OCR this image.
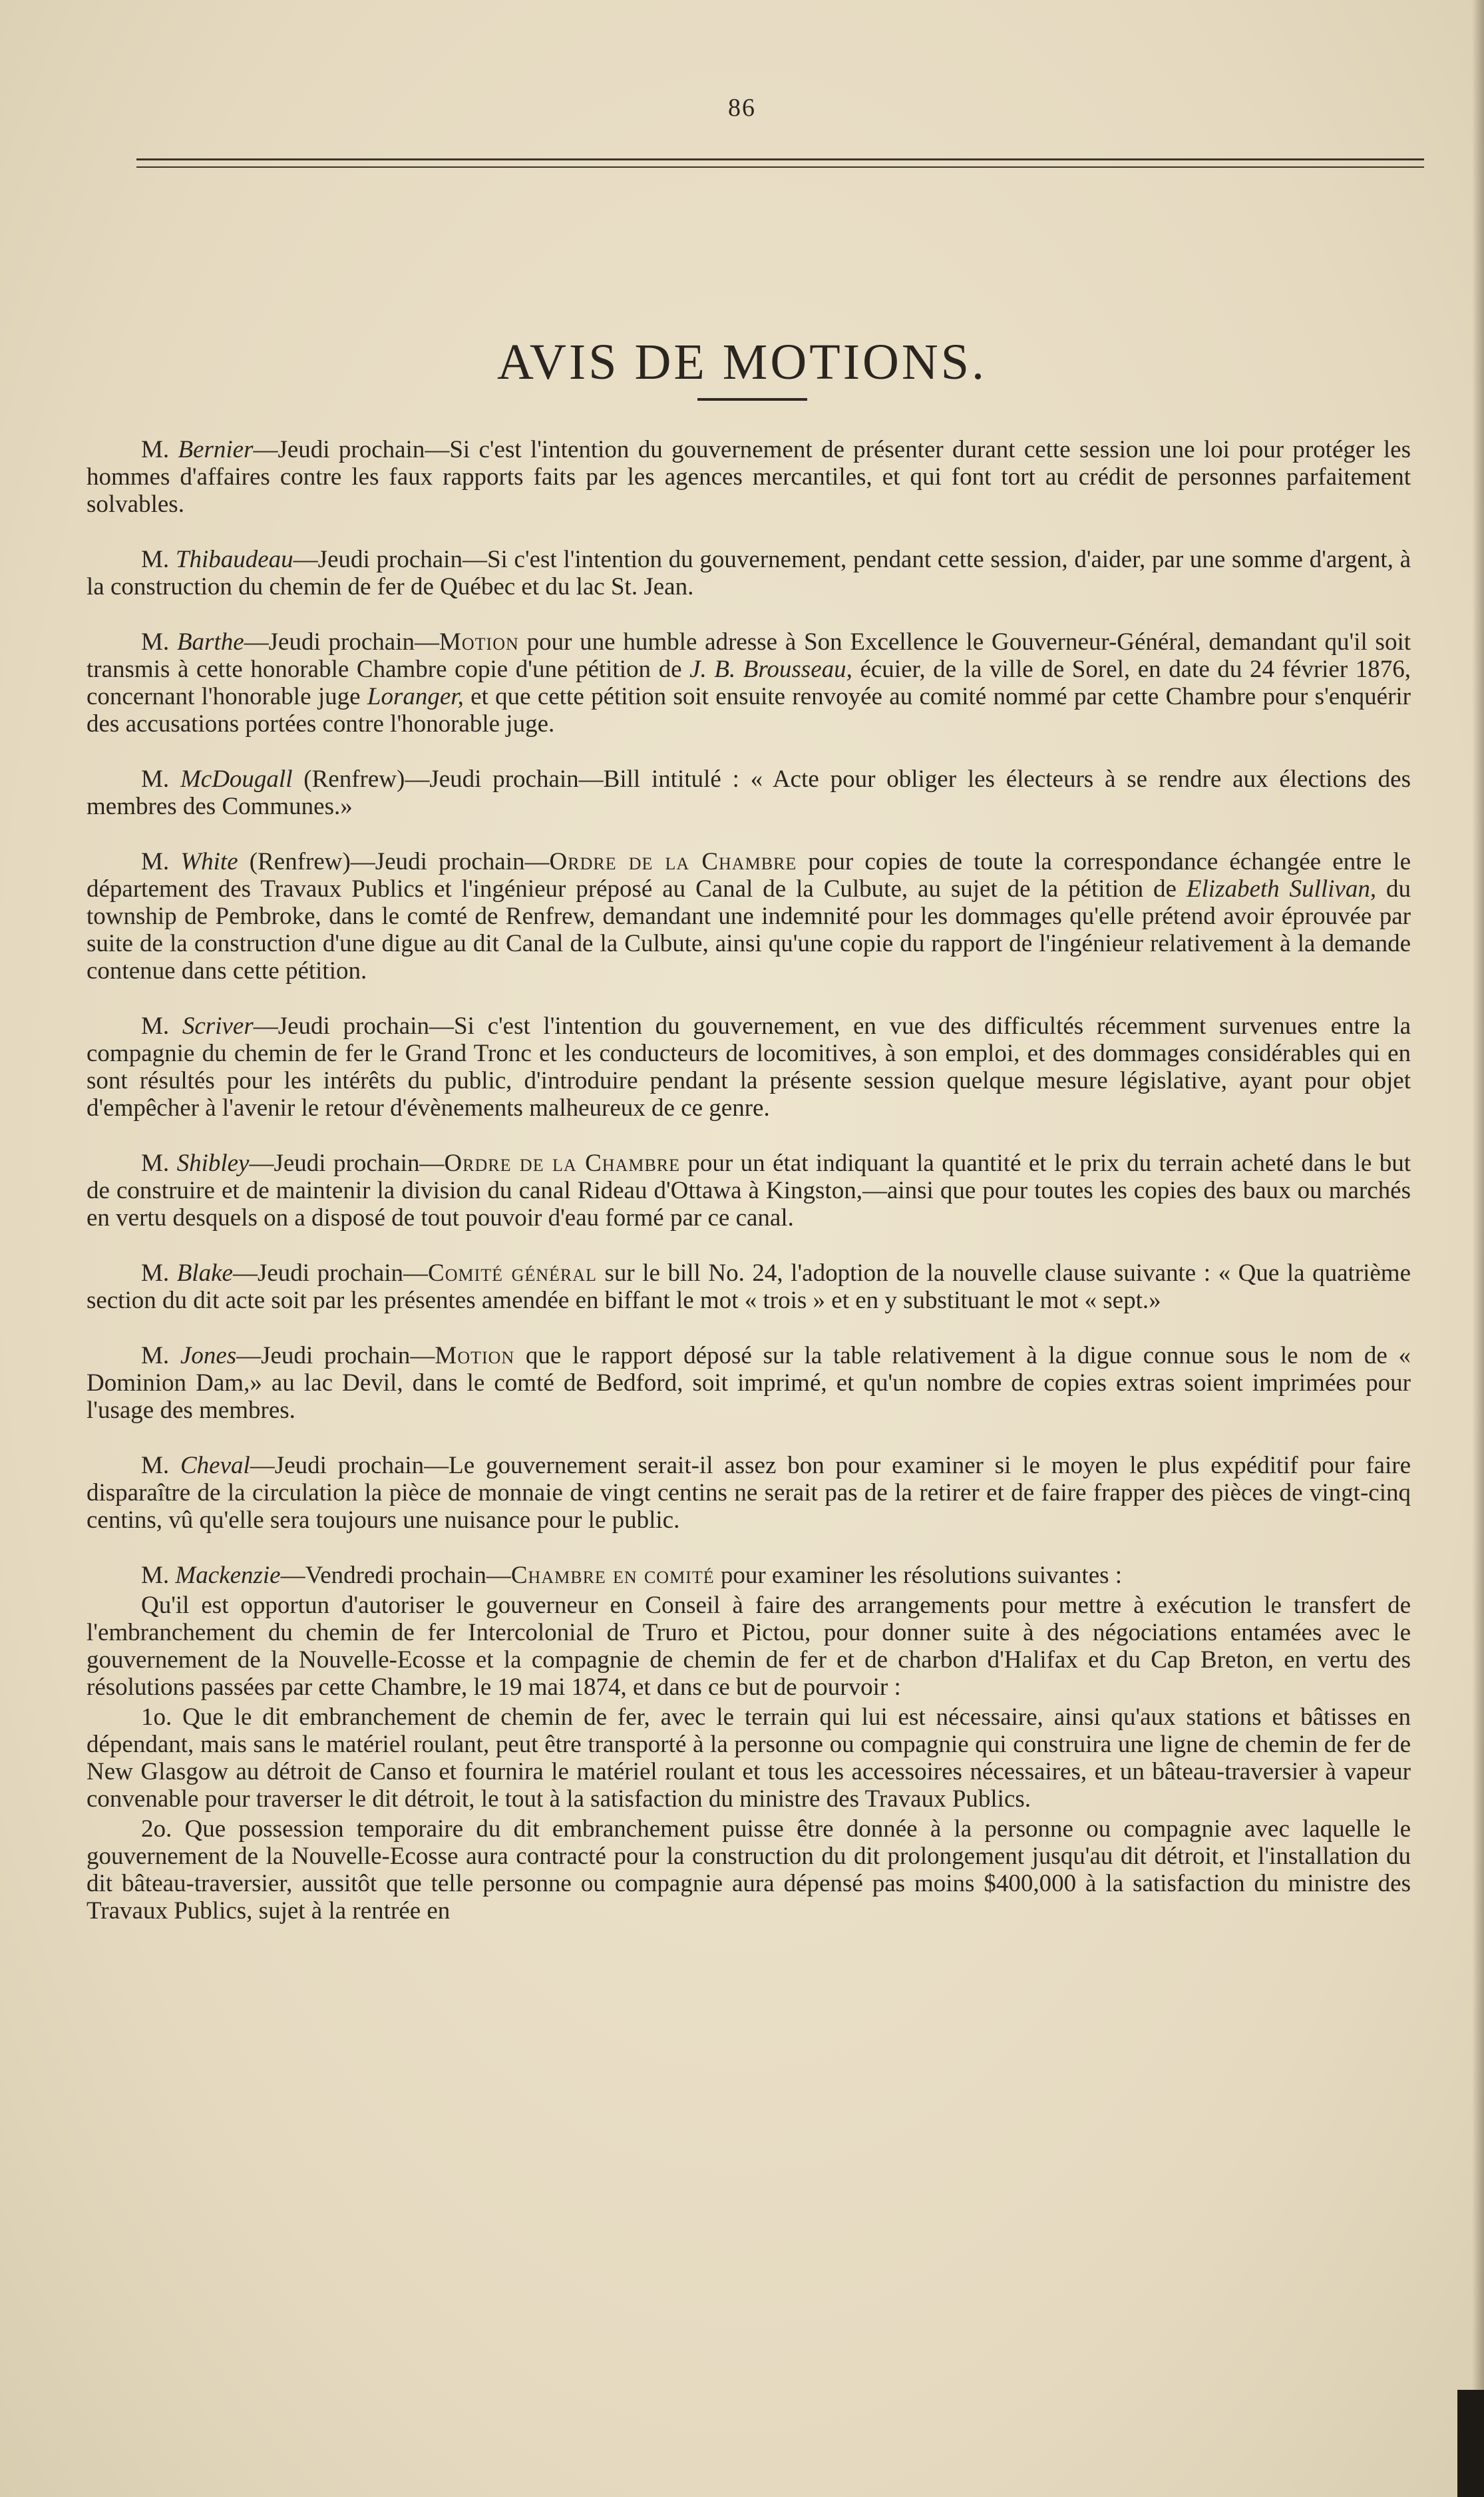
86
AVIS DE MOTIONS.

M. Bernier—Jeudi prochain—Si c'est l'intention du gouvernement de présenter durant cette session une loi pour protéger les hommes d'affaires contre les faux rapports faits par les agences mercantiles, et qui font tort au crédit de personnes parfaitement solvables.

M. Thibaudeau—Jeudi prochain—Si c'est l'intention du gouvernement, pendant cette session, d'aider, par une somme d'argent, à la construction du chemin de fer de Québec et du lac St. Jean.

M. Barthe—Jeudi prochain—Motion pour une humble adresse à Son Excellence le Gouverneur-Général, demandant qu'il soit transmis à cette honorable Chambre copie d'une pétition de J. B. Brousseau, écuier, de la ville de Sorel, en date du 24 février 1876, concernant l'honorable juge Loranger, et que cette pétition soit ensuite renvoyée au comité nommé par cette Chambre pour s'enquérir des accusations portées contre l'honorable juge.

M. McDougall (Renfrew)—Jeudi prochain—Bill intitulé : « Acte pour obliger les électeurs à se rendre aux élections des membres des Communes.»

M. White (Renfrew)—Jeudi prochain—Ordre de la Chambre pour copies de toute la correspondance échangée entre le département des Travaux Publics et l'ingénieur préposé au Canal de la Culbute, au sujet de la pétition de Elizabeth Sullivan, du township de Pembroke, dans le comté de Renfrew, demandant une indemnité pour les dommages qu'elle prétend avoir éprouvée par suite de la construction d'une digue au dit Canal de la Culbute, ainsi qu'une copie du rapport de l'ingénieur relativement à la demande contenue dans cette pétition.

M. Scriver—Jeudi prochain—Si c'est l'intention du gouvernement, en vue des difficultés récemment survenues entre la compagnie du chemin de fer le Grand Tronc et les conducteurs de locomitives, à son emploi, et des dommages considérables qui en sont résultés pour les intérêts du public, d'introduire pendant la présente session quelque mesure législative, ayant pour objet d'empêcher à l'avenir le retour d'évènements malheureux de ce genre.

M. Shibley—Jeudi prochain—Ordre de la Chambre pour un état indiquant la quantité et le prix du terrain acheté dans le but de construire et de maintenir la division du canal Rideau d'Ottawa à Kingston,—ainsi que pour toutes les copies des baux ou marchés en vertu desquels on a disposé de tout pouvoir d'eau formé par ce canal.

M. Blake—Jeudi prochain—Comité général sur le bill No. 24, l'adoption de la nouvelle clause suivante : « Que la quatrième section du dit acte soit par les présentes amendée en biffant le mot « trois » et en y substituant le mot « sept.»

M. Jones—Jeudi prochain—Motion que le rapport déposé sur la table relativement à la digue connue sous le nom de « Dominion Dam,» au lac Devil, dans le comté de Bedford, soit imprimé, et qu'un nombre de copies extras soient imprimées pour l'usage des membres.

M. Cheval—Jeudi prochain—Le gouvernement serait-il assez bon pour examiner si le moyen le plus expéditif pour faire disparaître de la circulation la pièce de monnaie de vingt centins ne serait pas de la retirer et de faire frapper des pièces de vingt-cinq centins, vû qu'elle sera toujours une nuisance pour le public.

M. Mackenzie—Vendredi prochain—Chambre en comité pour examiner les résolutions suivantes :

Qu'il est opportun d'autoriser le gouverneur en Conseil à faire des arrangements pour mettre à exécution le transfert de l'embranchement du chemin de fer Intercolonial de Truro et Pictou, pour donner suite à des négociations entamées avec le gouvernement de la Nouvelle-Ecosse et la compagnie de chemin de fer et de charbon d'Halifax et du Cap Breton, en vertu des résolutions passées par cette Chambre, le 19 mai 1874, et dans ce but de pourvoir :

1o. Que le dit embranchement de chemin de fer, avec le terrain qui lui est nécessaire, ainsi qu'aux stations et bâtisses en dépendant, mais sans le matériel roulant, peut être transporté à la personne ou compagnie qui construira une ligne de chemin de fer de New Glasgow au détroit de Canso et fournira le matériel roulant et tous les accessoires nécessaires, et un bâteau-traversier à vapeur convenable pour traverser le dit détroit, le tout à la satisfaction du ministre des Travaux Publics.

2o. Que possession temporaire du dit embranchement puisse être donnée à la personne ou compagnie avec laquelle le gouvernement de la Nouvelle-Ecosse aura contracté pour la construction du dit prolongement jusqu'au dit détroit, et l'installation du dit bâteau-traversier, aussitôt que telle personne ou compagnie aura dépensé pas moins $400,000 à la satisfaction du ministre des Travaux Publics, sujet à la rentrée en
